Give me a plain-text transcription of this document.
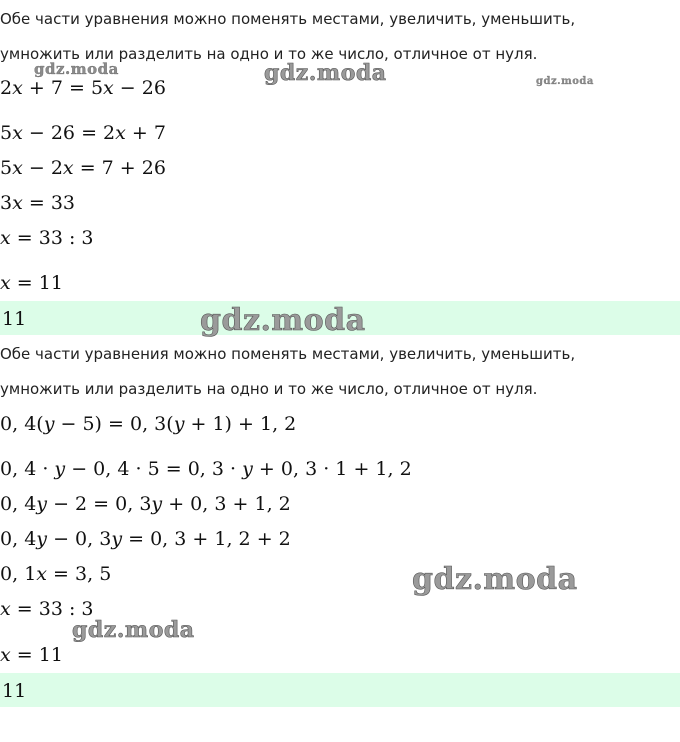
Обе части уравнения можно поменять местами, увеличить, уменьшить,
умножить или разделить на одно и то же число, отличное от нуля.
2x + 7 = 5x − 26
5x − 26 = 2x + 7
5x − 2x = 7 + 26
3x = 33
x = 33 : 3
x = 11
11
Обе части уравнения можно поменять местами, увеличить, уменьшить,
умножить или разделить на одно и то же число, отличное от нуля.
0, 4(y − 5) = 0, 3(y + 1) + 1, 2
0, 4 · y − 0, 4 · 5 = 0, 3 · y + 0, 3 · 1 + 1, 2
0, 4y − 2 = 0, 3y + 0, 3 + 1, 2
0, 4y − 0, 3y = 0, 3 + 1, 2 + 2
0, 1x = 3, 5
x = 33 : 3
x = 11
11
gdz.moda	gdz.moda	gdz.moda
gdz.moda
gdz.moda
gdz.moda
